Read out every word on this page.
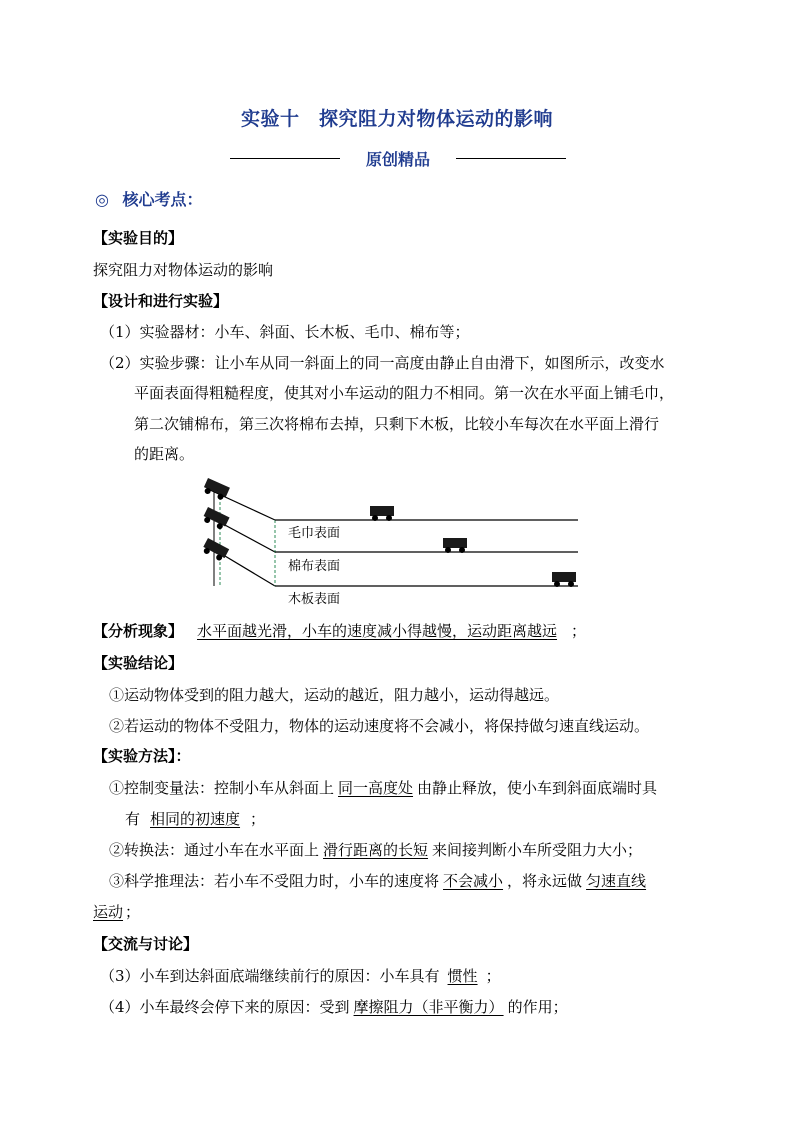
实验十　探究阻力对物体运动的影响
原创精品
◎ 核心考点：
【实验目的】
探究阻力对物体运动的影响
【设计和进行实验】
（1）实验器材：小车、斜面、长木板、毛巾、棉布等；
（2）实验步骤：让小车从同一斜面上的同一高度由静止自由滑下，如图所示，改变水
平面表面得粗糙程度，使其对小车运动的阻力不相同。第一次在水平面上铺毛巾，
第二次铺棉布，第三次将棉布去掉，只剩下木板，比较小车每次在水平面上滑行
的距离。
毛巾表面
棉布表面
木板表面
【分析现象】 水平面越光滑，小车的速度减小得越慢，运动距离越远 ；
【实验结论】
①运动物体受到的阻力越大，运动的越近，阻力越小，运动得越远。
②若运动的物体不受阻力，物体的运动速度将不会减小，将保持做匀速直线运动。
【实验方法】：
①控制变量法：控制小车从斜面上 同一高度处 由静止释放，使小车到斜面底端时具
有 相同的初速度 ；
②转换法：通过小车在水平面上 滑行距离的长短 来间接判断小车所受阻力大小；
③科学推理法：若小车不受阻力时，小车的速度将 不会减小 ，将永远做 匀速直线
运动 ；
【交流与讨论】
（3）小车到达斜面底端继续前行的原因：小车具有 惯性 ；
（4）小车最终会停下来的原因：受到 摩擦阻力（非平衡力） 的作用；
